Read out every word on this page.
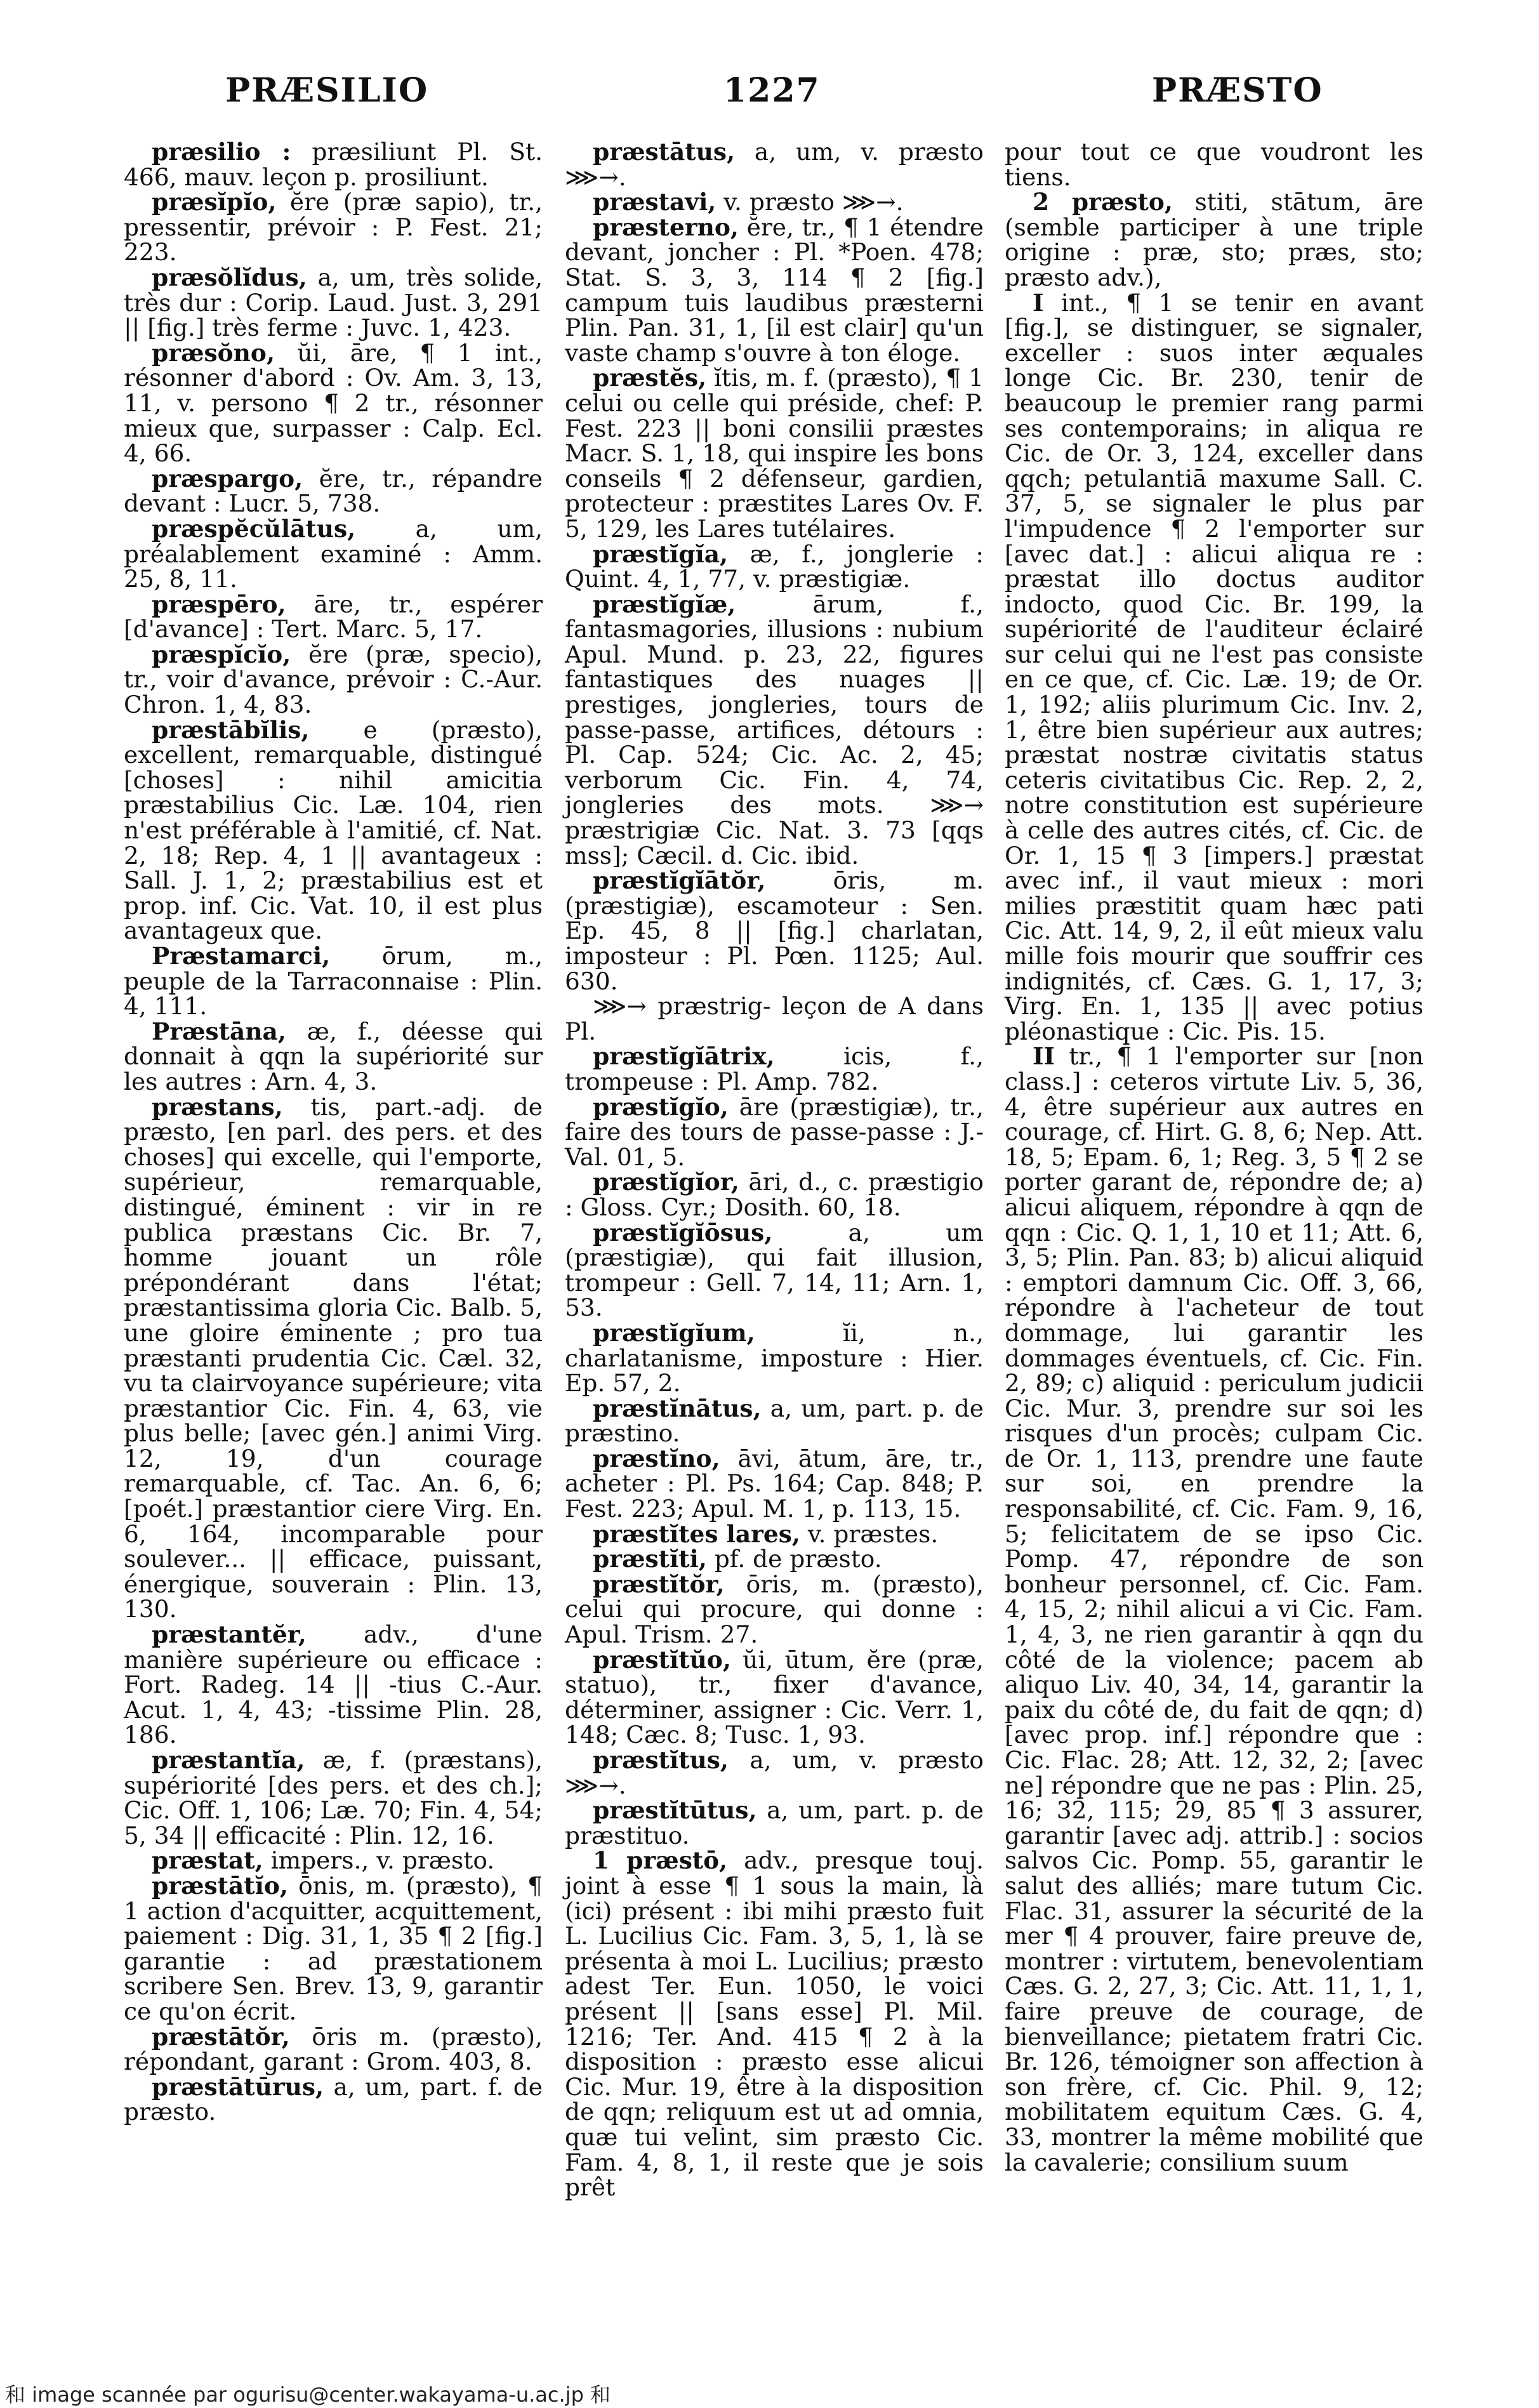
PRÆSILIO	1227	PRÆSTO

præsilio : præsiliunt Pl. St. 466, mauv. leçon p. prosiliunt.

præsĭpĭo, ĕre (præ sapio), tr., pressentir, prévoir : P. Fest. 21; 223.

præsŏlĭdus, a, um, très solide, très dur : Corip. Laud. Just. 3, 291 || [fig.] très ferme : Juvc. 1, 423.

præsŏno, ŭi, āre, ¶ 1 int., résonner d'abord : Ov. Am. 3, 13, 11, v. persono ¶ 2 tr., résonner mieux que, surpasser : Calp. Ecl. 4, 66.

præspargo, ĕre, tr., répandre devant : Lucr. 5, 738.

præspĕcŭlātus, a, um, préalablement examiné : Amm. 25, 8, 11.

præspēro, āre, tr., espérer [d'avance] : Tert. Marc. 5, 17.

præspĭcĭo, ĕre (præ, specio), tr., voir d'avance, prévoir : C.-Aur. Chron. 1, 4, 83.

præstābĭlis, e (præsto), excellent, remarquable, distingué [choses] : nihil amicitia præstabilius Cic. Læ. 104, rien n'est préférable à l'amitié, cf. Nat. 2, 18; Rep. 4, 1 || avantageux : Sall. J. 1, 2; præstabilius est et prop. inf. Cic. Vat. 10, il est plus avantageux que.

Præstamarci, ōrum, m., peuple de la Tarraconnaise : Plin. 4, 111.

Præstāna, æ, f., déesse qui donnait à qqn la supériorité sur les autres : Arn. 4, 3.

præstans, tis, part.-adj. de præsto, [en parl. des pers. et des choses] qui excelle, qui l'emporte, supérieur, remarquable, distingué, éminent : vir in re publica præstans Cic. Br. 7, homme jouant un rôle prépondérant dans l'état; præstantissima gloria Cic. Balb. 5, une gloire éminente ; pro tua præstanti prudentia Cic. Cæl. 32, vu ta clairvoyance supérieure; vita præstantior Cic. Fin. 4, 63, vie plus belle; [avec gén.] animi Virg. 12, 19, d'un courage remarquable, cf. Tac. An. 6, 6; [poét.] præstantior ciere Virg. En. 6, 164, incomparable pour soulever... || efficace, puissant, énergique, souverain : Plin. 13, 130.

præstantĕr, adv., d'une manière supérieure ou efficace : Fort. Radeg. 14 || -tius C.-Aur. Acut. 1, 4, 43; -tissime Plin. 28, 186.

præstantĭa, æ, f. (præstans), supériorité [des pers. et des ch.]; Cic. Off. 1, 106; Læ. 70; Fin. 4, 54; 5, 34 || efficacité : Plin. 12, 16.

præstat, impers., v. præsto.

præstātĭo, ōnis, m. (præsto), ¶ 1 action d'acquitter, acquittement, paiement : Dig. 31, 1, 35 ¶ 2 [fig.] garantie : ad præstationem scribere Sen. Brev. 13, 9, garantir ce qu'on écrit.

præstātŏr, ōris m. (præsto), répondant, garant : Grom. 403, 8.

præstātūrus, a, um, part. f. de præsto.

præstātus, a, um, v. præsto ⋙→.

præstavi, v. præsto ⋙→.

præsterno, ĕre, tr., ¶ 1 étendre devant, joncher : Pl. *Poen. 478; Stat. S. 3, 3, 114 ¶ 2 [fig.] campum tuis laudibus præsterni Plin. Pan. 31, 1, [il est clair] qu'un vaste champ s'ouvre à ton éloge.

præstĕs, ĭtis, m. f. (præsto), ¶ 1 celui ou celle qui préside, chef: P. Fest. 223 || boni consilii præstes Macr. S. 1, 18, qui inspire les bons conseils ¶ 2 défenseur, gardien, protecteur : præstites Lares Ov. F. 5, 129, les Lares tutélaires.

præstĭgĭa, æ, f., jonglerie : Quint. 4, 1, 77, v. præstigiæ.

præstĭgĭæ, ārum, f., fantasmagories, illusions : nubium Apul. Mund. p. 23, 22, figures fantastiques des nuages || prestiges, jongleries, tours de passe-passe, artifices, détours : Pl. Cap. 524; Cic. Ac. 2, 45; verborum Cic. Fin. 4, 74, jongleries des mots. ⋙→ præstrigiæ Cic. Nat. 3. 73 [qqs mss]; Cæcil. d. Cic. ibid.

præstĭgĭātŏr, ōris, m. (præstigiæ), escamoteur : Sen. Ep. 45, 8 || [fig.] charlatan, imposteur : Pl. Pœn. 1125; Aul. 630.

⋙→ præstrig- leçon de A dans Pl.

præstĭgĭātrix, icis, f., trompeuse : Pl. Amp. 782.

præstĭgĭo, āre (præstigiæ), tr., faire des tours de passe-passe : J.-Val. 01, 5.

præstĭgĭor, āri, d., c. præstigio : Gloss. Cyr.; Dosith. 60, 18.

præstĭgĭōsus, a, um (præstigiæ), qui fait illusion, trompeur : Gell. 7, 14, 11; Arn. 1, 53.

præstĭgĭum, ĭi, n., charlatanisme, imposture : Hier. Ep. 57, 2.

præstĭnātus, a, um, part. p. de præstino.

præstĭno, āvi, ātum, āre, tr., acheter : Pl. Ps. 164; Cap. 848; P. Fest. 223; Apul. M. 1, p. 113, 15.

præstĭtes lares, v. præstes.

præstĭti, pf. de præsto.

præstĭtŏr, ōris, m. (præsto), celui qui procure, qui donne : Apul. Trism. 27.

præstĭtŭo, ŭi, ūtum, ĕre (præ, statuo), tr., fixer d'avance, déterminer, assigner : Cic. Verr. 1, 148; Cæc. 8; Tusc. 1, 93.

præstĭtus, a, um, v. præsto ⋙→.

præstĭtūtus, a, um, part. p. de præstituo.

1 præstō, adv., presque touj. joint à esse ¶ 1 sous la main, là (ici) présent : ibi mihi præsto fuit L. Lucilius Cic. Fam. 3, 5, 1, là se présenta à moi L. Lucilius; præsto adest Ter. Eun. 1050, le voici présent || [sans esse] Pl. Mil. 1216; Ter. And. 415 ¶ 2 à la disposition : præsto esse alicui Cic. Mur. 19, être à la disposition de qqn; reliquum est ut ad omnia, quæ tui velint, sim præsto Cic. Fam. 4, 8, 1, il reste que je sois prêt

pour tout ce que voudront les tiens.

2 præsto, stiti, stātum, āre (semble participer à une triple origine : præ, sto; præs, sto; præsto adv.),

I int., ¶ 1 se tenir en avant [fig.], se distinguer, se signaler, exceller : suos inter æquales longe Cic. Br. 230, tenir de beaucoup le premier rang parmi ses contemporains; in aliqua re Cic. de Or. 3, 124, exceller dans qqch; petulantiā maxume Sall. C. 37, 5, se signaler le plus par l'impudence ¶ 2 l'emporter sur [avec dat.] : alicui aliqua re : præstat illo doctus auditor indocto, quod Cic. Br. 199, la supériorité de l'auditeur éclairé sur celui qui ne l'est pas consiste en ce que, cf. Cic. Læ. 19; de Or. 1, 192; aliis plurimum Cic. Inv. 2, 1, être bien supérieur aux autres; præstat nostræ civitatis status ceteris civitatibus Cic. Rep. 2, 2, notre constitution est supérieure à celle des autres cités, cf. Cic. de Or. 1, 15 ¶ 3 [impers.] præstat avec inf., il vaut mieux : mori milies præstitit quam hæc pati Cic. Att. 14, 9, 2, il eût mieux valu mille fois mourir que souffrir ces indignités, cf. Cæs. G. 1, 17, 3; Virg. En. 1, 135 || avec potius pléonastique : Cic. Pis. 15.

II tr., ¶ 1 l'emporter sur [non class.] : ceteros virtute Liv. 5, 36, 4, être supérieur aux autres en courage, cf. Hirt. G. 8, 6; Nep. Att. 18, 5; Epam. 6, 1; Reg. 3, 5 ¶ 2 se porter garant de, répondre de; a) alicui aliquem, répondre à qqn de qqn : Cic. Q. 1, 1, 10 et 11; Att. 6, 3, 5; Plin. Pan. 83; b) alicui aliquid : emptori damnum Cic. Off. 3, 66, répondre à l'acheteur de tout dommage, lui garantir les dommages éventuels, cf. Cic. Fin. 2, 89; c) aliquid : periculum judicii Cic. Mur. 3, prendre sur soi les risques d'un procès; culpam Cic. de Or. 1, 113, prendre une faute sur soi, en prendre la responsabilité, cf. Cic. Fam. 9, 16, 5; felicitatem de se ipso Cic. Pomp. 47, répondre de son bonheur personnel, cf. Cic. Fam. 4, 15, 2; nihil alicui a vi Cic. Fam. 1, 4, 3, ne rien garantir à qqn du côté de la violence; pacem ab aliquo Liv. 40, 34, 14, garantir la paix du côté de, du fait de qqn; d) [avec prop. inf.] répondre que : Cic. Flac. 28; Att. 12, 32, 2; [avec ne] répondre que ne pas : Plin. 25, 16; 32, 115; 29, 85 ¶ 3 assurer, garantir [avec adj. attrib.] : socios salvos Cic. Pomp. 55, garantir le salut des alliés; mare tutum Cic. Flac. 31, assurer la sécurité de la mer ¶ 4 prouver, faire preuve de, montrer : virtutem, benevolentiam Cæs. G. 2, 27, 3; Cic. Att. 11, 1, 1, faire preuve de courage, de bienveillance; pietatem fratri Cic. Br. 126, témoigner son affection à son frère, cf. Cic. Phil. 9, 12; mobilitatem equitum Cæs. G. 4, 33, montrer la même mobilité que la cavalerie; consilium suum

和 image scannée par ogurisu@center.wakayama-u.ac.jp 和
